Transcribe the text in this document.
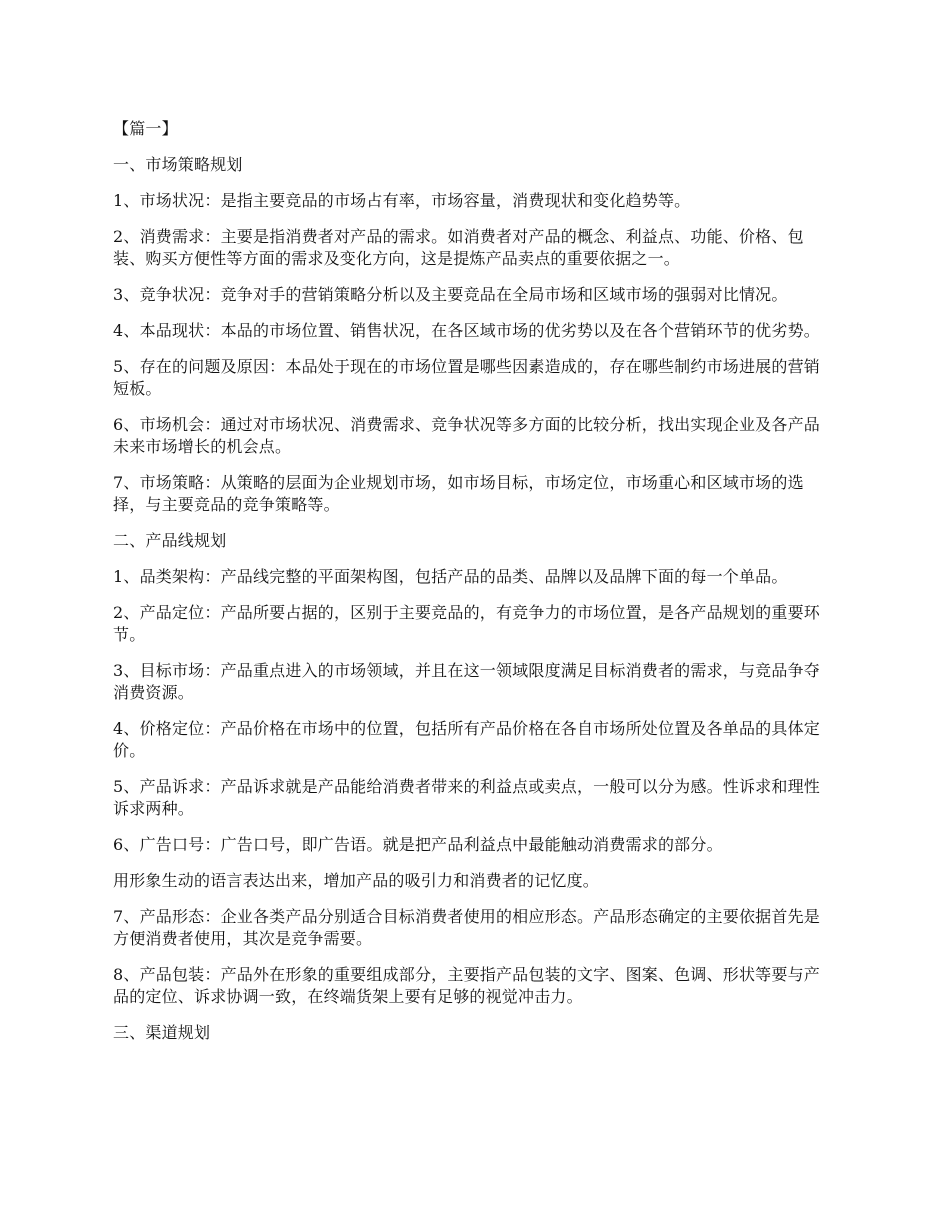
【篇一】

一、市场策略规划

1、市场状况：是指主要竞品的市场占有率，市场容量，消费现状和变化趋势等。

2、消费需求：主要是指消费者对产品的需求。如消费者对产品的概念、利益点、功能、价格、包装、购买方便性等方面的需求及变化方向，这是提炼产品卖点的重要依据之一。

3、竞争状况：竞争对手的营销策略分析以及主要竞品在全局市场和区域市场的强弱对比情况。

4、本品现状：本品的市场位置、销售状况，在各区域市场的优劣势以及在各个营销环节的优劣势。

5、存在的问题及原因：本品处于现在的市场位置是哪些因素造成的，存在哪些制约市场进展的营销短板。

6、市场机会：通过对市场状况、消费需求、竞争状况等多方面的比较分析，找出实现企业及各产品未来市场增长的机会点。

7、市场策略：从策略的层面为企业规划市场，如市场目标，市场定位，市场重心和区域市场的选择，与主要竞品的竞争策略等。

二、产品线规划

1、品类架构：产品线完整的平面架构图，包括产品的品类、品牌以及品牌下面的每一个单品。

2、产品定位：产品所要占据的，区别于主要竞品的，有竞争力的市场位置，是各产品规划的重要环节。

3、目标市场：产品重点进入的市场领域，并且在这一领域限度满足目标消费者的需求，与竞品争夺消费资源。

4、价格定位：产品价格在市场中的位置，包括所有产品价格在各自市场所处位置及各单品的具体定价。

5、产品诉求：产品诉求就是产品能给消费者带来的利益点或卖点，一般可以分为感。性诉求和理性诉求两种。

6、广告口号：广告口号，即广告语。就是把产品利益点中最能触动消费需求的部分。

用形象生动的语言表达出来，增加产品的吸引力和消费者的记忆度。

7、产品形态：企业各类产品分别适合目标消费者使用的相应形态。产品形态确定的主要依据首先是方便消费者使用，其次是竞争需要。

8、产品包装：产品外在形象的重要组成部分，主要指产品包装的文字、图案、色调、形状等要与产品的定位、诉求协调一致，在终端货架上要有足够的视觉冲击力。

三、渠道规划
